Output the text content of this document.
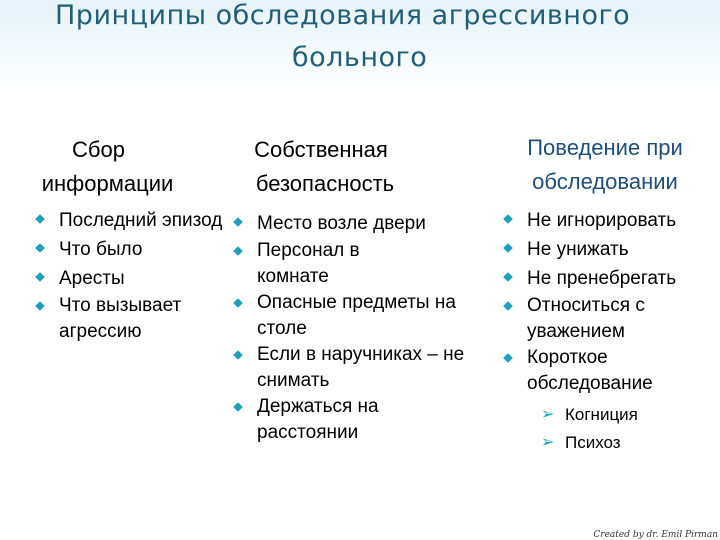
Принципы обследования агрессивного
больного
Сбор
информации
Последний эпизод
Что было
Аресты
Что вызывает агрессию
Собственная
безопасность
Место возле двери
Персонал в комнате
Опасные предметы на столе
Если в наручниках – не снимать
Держаться на расстоянии
Поведение при
обследовании
Не игнорировать
Не унижать
Не пренебрегать
Относиться с уважением
Короткое обследование
➢ Когниция
➢ Психоз
Created by dr. Emil Pirman
